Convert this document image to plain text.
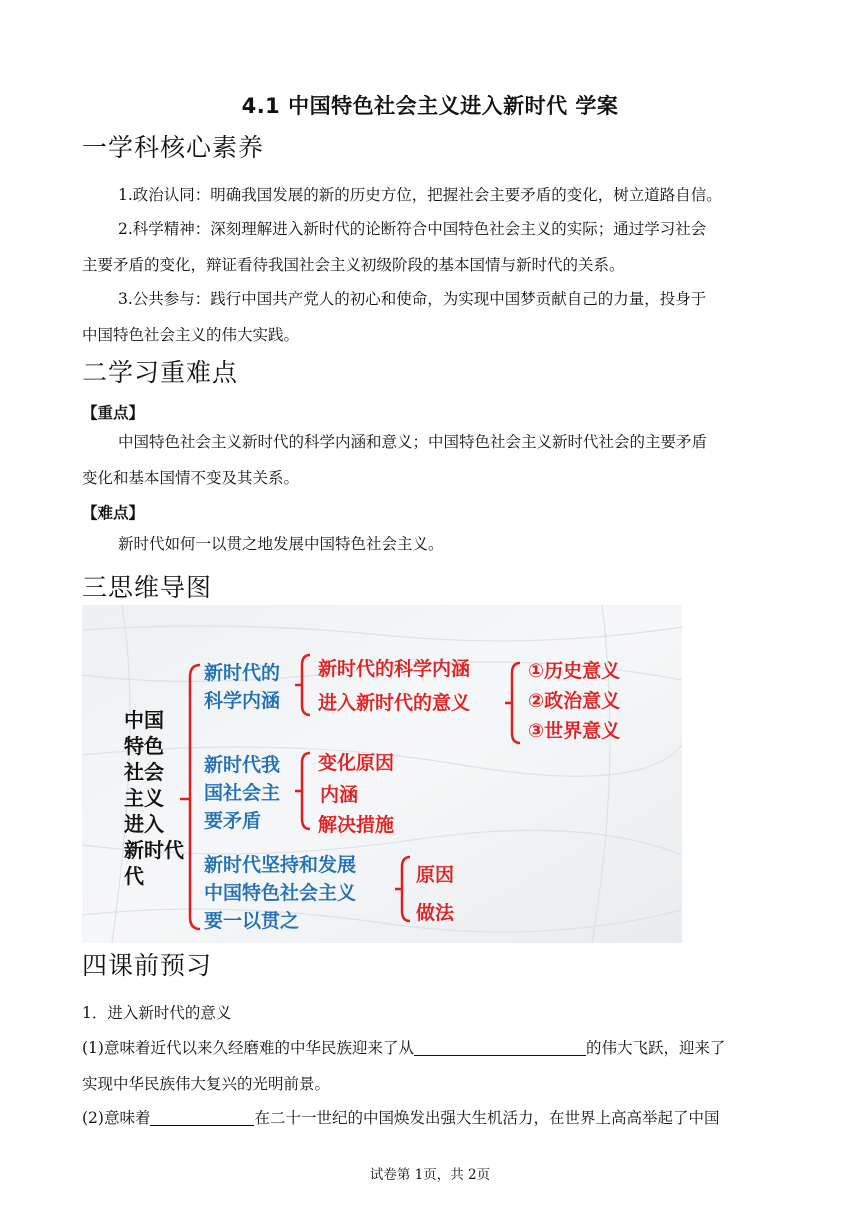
4.1 中国特色社会主义进入新时代 学案
一学科核心素养
1.政治认同：明确我国发展的新的历史方位，把握社会主要矛盾的变化，树立道路自信。
2.科学精神：深刻理解进入新时代的论断符合中国特色社会主义的实际；通过学习社会
主要矛盾的变化，辩证看待我国社会主义初级阶段的基本国情与新时代的关系。
3.公共参与：践行中国共产党人的初心和使命，为实现中国梦贡献自己的力量，投身于
中国特色社会主义的伟大实践。
二学习重难点
【重点】
中国特色社会主义新时代的科学内涵和意义；中国特色社会主义新时代社会的主要矛盾
变化和基本国情不变及其关系。
【难点】
新时代如何一以贯之地发展中国特色社会主义。
三思维导图
中国
特色
社会
主义
进入
新时代
代
新时代的
科学内涵
新时代的科学内涵
进入新时代的意义
①历史意义
②政治意义
③世界意义
新时代我
国社会主
要矛盾
变化原因
内涵
解决措施
新时代坚持和发展
中国特色社会主义
要一以贯之
原因
做法
四课前预习
1．进入新时代的意义
(1)意味着近代以来久经磨难的中华民族迎来了从	的伟大飞跃，迎来了
实现中华民族伟大复兴的光明前景。
(2)意味着	在二十一世纪的中国焕发出强大生机活力，在世界上高高举起了中国
试卷第 1页，共 2页
